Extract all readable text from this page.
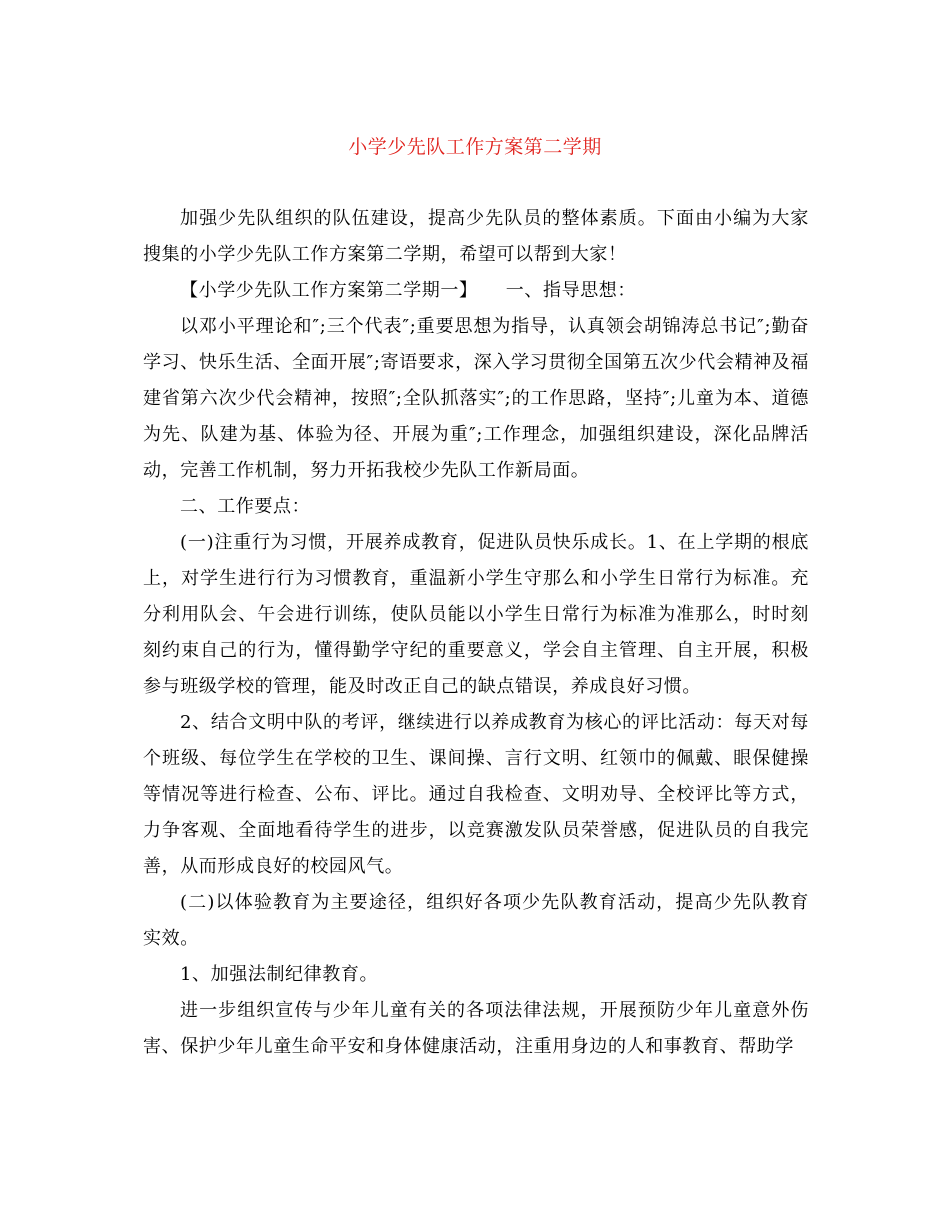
小学少先队工作方案第二学期

加强少先队组织的队伍建设，提高少先队员的整体素质。下面由小编为大家搜集的小学少先队工作方案第二学期，希望可以帮到大家！

【小学少先队工作方案第二学期一】　　一、指导思想：

以邓小平理论和″;三个代表″;重要思想为指导，认真领会胡锦涛总书记″;勤奋学习、快乐生活、全面开展″;寄语要求，深入学习贯彻全国第五次少代会精神及福建省第六次少代会精神，按照″;全队抓落实″;的工作思路，坚持″;儿童为本、道德为先、队建为基、体验为径、开展为重″;工作理念，加强组织建设，深化品牌活动，完善工作机制，努力开拓我校少先队工作新局面。

二、工作要点：

(一)注重行为习惯，开展养成教育，促进队员快乐成长。1、在上学期的根底上，对学生进行行为习惯教育，重温新小学生守那么和小学生日常行为标准。充分利用队会、午会进行训练，使队员能以小学生日常行为标准为准那么，时时刻刻约束自己的行为，懂得勤学守纪的重要意义，学会自主管理、自主开展，积极参与班级学校的管理，能及时改正自己的缺点错误，养成良好习惯。

2、结合文明中队的考评，继续进行以养成教育为核心的评比活动：每天对每个班级、每位学生在学校的卫生、课间操、言行文明、红领巾的佩戴、眼保健操等情况等进行检查、公布、评比。通过自我检查、文明劝导、全校评比等方式，力争客观、全面地看待学生的进步，以竞赛激发队员荣誉感，促进队员的自我完善，从而形成良好的校园风气。

(二)以体验教育为主要途径，组织好各项少先队教育活动，提高少先队教育实效。

1、加强法制纪律教育。

进一步组织宣传与少年儿童有关的各项法律法规，开展预防少年儿童意外伤害、保护少年儿童生命平安和身体健康活动，注重用身边的人和事教育、帮助学
